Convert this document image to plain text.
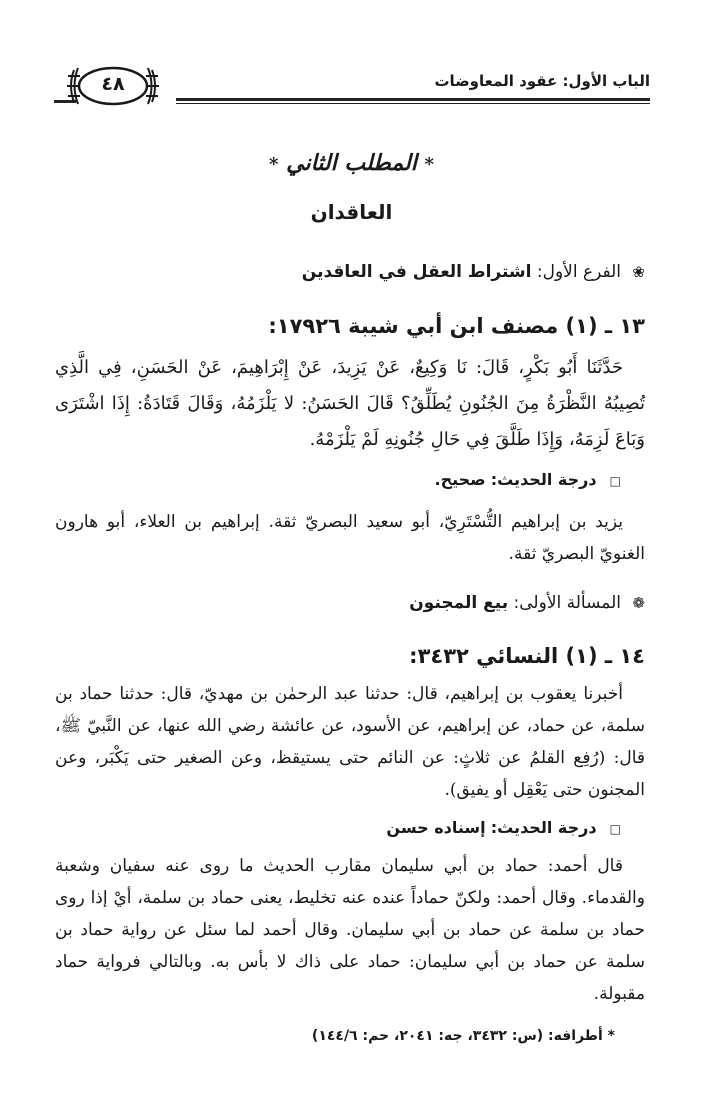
الباب الأول: عقود المعاوضات
٤٨
* المطلب الثاني *
العاقدان
❀ الفرع الأول: اشتراط العقل في العاقدين
١٣ ـ (١) مصنف ابن أبي شيبة ١٧٩٢٦:
حَدَّثَنَا أَبُو بَكْرٍ، قَالَ: نَا وَكِيعٌ، عَنْ يَزِيدَ، عَنْ إِبْرَاهِيمَ، عَنْ الحَسَنِ، فِي الَّذِي تُصِيبُهُ النَّظْرَةُ مِنَ الجُنُونِ يُطَلِّقُ؟ قَالَ الحَسَنُ: لا يَلْزَمُهُ، وَقَالَ قَتَادَةُ: إِذَا اشْتَرَى وَبَاعَ لَزِمَهُ، وَإِذَا طَلَّقَ فِي حَالِ جُنُونِهِ لَمْ يَلْزَمْهُ.
□ درجة الحديث: صحيح.
يزيد بن إبراهيم التُّسْتَرِيّ، أبو سعيد البصريّ ثقة. إبراهيم بن العلاء، أبو هارون الغنويّ البصريّ ثقة.
❁ المسألة الأولى: بيع المجنون
١٤ ـ (١) النسائي ٣٤٣٢:
أخبرنا يعقوب بن إبراهيم، قال: حدثنا عبد الرحمٰن بن مهديّ، قال: حدثنا حماد بن سلمة، عن حماد، عن إبراهيم، عن الأسود، عن عائشة رضي الله عنها، عن النَّبيّ ﷺ، قال: (رُفِع القلمُ عن ثلاثٍ: عن النائم حتى يستيقظ، وعن الصغير حتى يَكْبَر، وعن المجنون حتى يَعْقِل أو يفيق).
□ درجة الحديث: إسناده حسن
قال أحمد: حماد بن أبي سليمان مقارب الحديث ما روى عنه سفيان وشعبة والقدماء. وقال أحمد: ولكنّ حماداً عنده عنه تخليط، يعنى حماد بن سلمة، أيْ إذا روى حماد بن سلمة عن حماد بن أبي سليمان. وقال أحمد لما سئل عن رواية حماد بن سلمة عن حماد بن أبي سليمان: حماد على ذاك لا بأس به. وبالتالي فرواية حماد مقبولة.
* أطرافه: (س: ٣٤٣٢، جه: ٢٠٤١، حم: ١٤٤/٦)
